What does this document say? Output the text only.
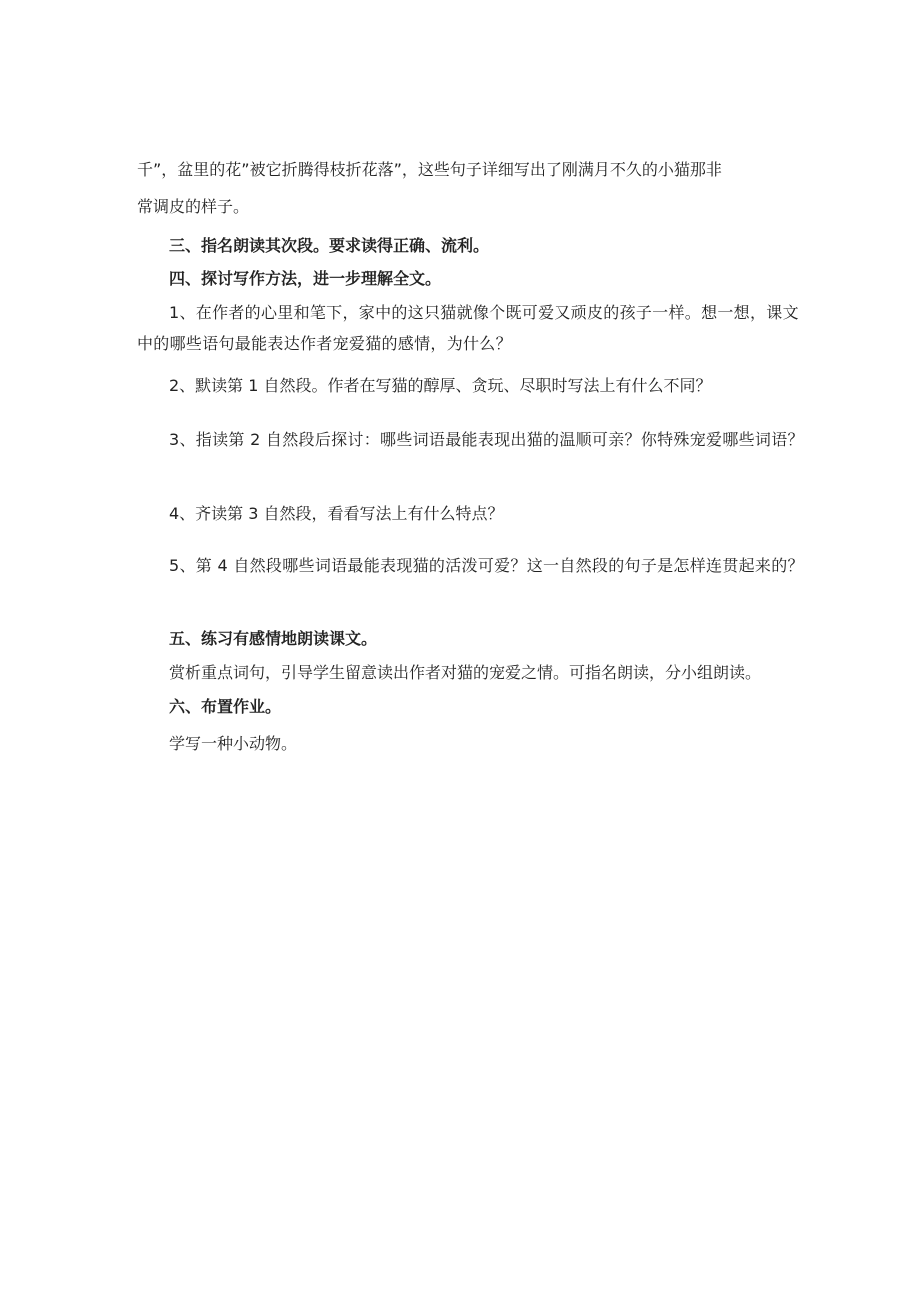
千”，盆里的花”被它折腾得枝折花落”，这些句子详细写出了刚满月不久的小猫那非
常调皮的样子。
三、指名朗读其次段。要求读得正确、流利。
四、探讨写作方法，进一步理解全文。
1、在作者的心里和笔下，家中的这只猫就像个既可爱又顽皮的孩子一样。想一想，课文中的哪些语句最能表达作者宠爱猫的感情，为什么？
2、默读第 1 自然段。作者在写猫的醇厚、贪玩、尽职时写法上有什么不同？
3、指读第 2 自然段后探讨：哪些词语最能表现出猫的温顺可亲？你特殊宠爱哪些词语？
4、齐读第 3 自然段，看看写法上有什么特点？
5、第 4 自然段哪些词语最能表现猫的活泼可爱？这一自然段的句子是怎样连贯起来的？
五、练习有感情地朗读课文。
赏析重点词句，引导学生留意读出作者对猫的宠爱之情。可指名朗读，分小组朗读。
六、布置作业。
学写一种小动物。
